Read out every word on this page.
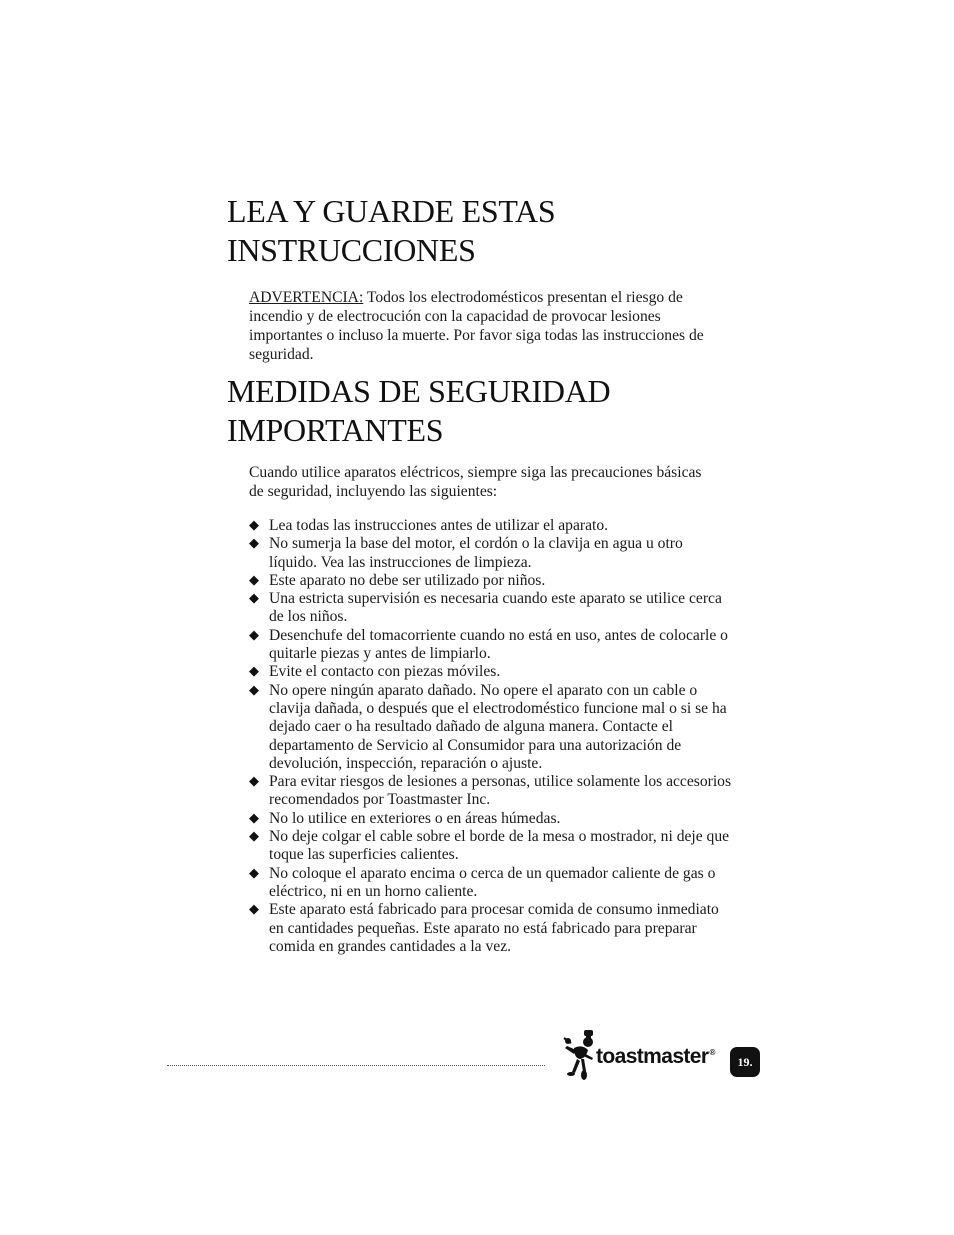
LEA Y GUARDE ESTAS
INSTRUCCIONES

ADVERTENCIA: Todos los electrodomésticos presentan el riesgo de incendio y de electrocución con la capacidad de provocar lesiones importantes o incluso la muerte. Por favor siga todas las instrucciones de seguridad.

MEDIDAS DE SEGURIDAD
IMPORTANTES

Cuando utilice aparatos eléctricos, siempre siga las precauciones básicas de seguridad, incluyendo las siguientes:

◆ Lea todas las instrucciones antes de utilizar el aparato.
◆ No sumerja la base del motor, el cordón o la clavija en agua u otro líquido. Vea las instrucciones de limpieza.
◆ Este aparato no debe ser utilizado por niños.
◆ Una estricta supervisión es necesaria cuando este aparato se utilice cerca de los niños.
◆ Desenchufe del tomacorriente cuando no está en uso, antes de colocarle o quitarle piezas y antes de limpiarlo.
◆ Evite el contacto con piezas móviles.
◆ No opere ningún aparato dañado. No opere el aparato con un cable o clavija dañada, o después que el electrodoméstico funcione mal o si se ha dejado caer o ha resultado dañado de alguna manera. Contacte el departamento de Servicio al Consumidor para una autorización de devolución, inspección, reparación o ajuste.
◆ Para evitar riesgos de lesiones a personas, utilice solamente los accesorios recomendados por Toastmaster Inc.
◆ No lo utilice en exteriores o en áreas húmedas.
◆ No deje colgar el cable sobre el borde de la mesa o mostrador, ni deje que toque las superficies calientes.
◆ No coloque el aparato encima o cerca de un quemador caliente de gas o eléctrico, ni en un horno caliente.
◆ Este aparato está fabricado para procesar comida de consumo inmediato en cantidades pequeñas. Este aparato no está fabricado para preparar comida en grandes cantidades a la vez.
toastmaster®
19.
